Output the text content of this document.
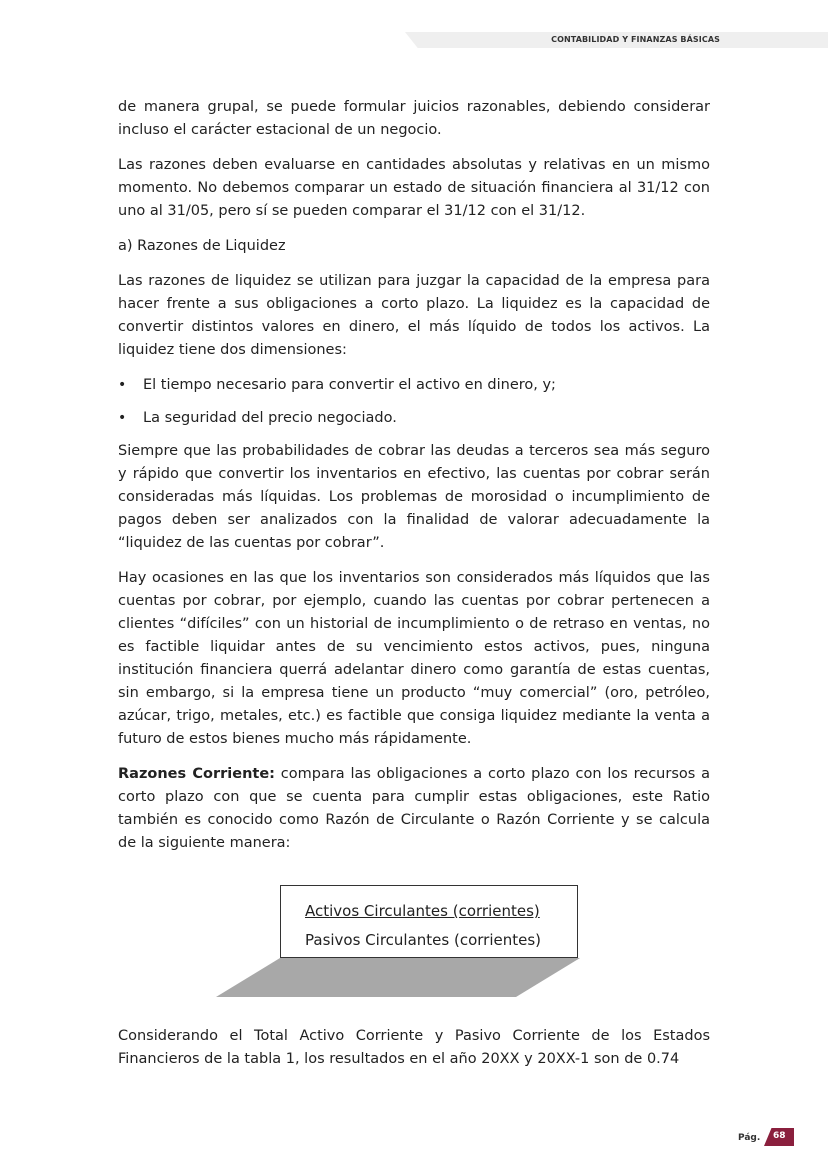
CONTABILIDAD Y FINANZAS BÁSICAS

de manera grupal, se puede formular juicios razonables, debiendo considerar incluso el carácter estacional de un negocio.

Las razones deben evaluarse en cantidades absolutas y relativas en un mismo momento. No debemos comparar un estado de situación financiera al 31/12 con uno al 31/05, pero sí se pueden comparar el 31/12 con el 31/12.

a) Razones de Liquidez

Las razones de liquidez se utilizan para juzgar la capacidad de la empresa para hacer frente a sus obligaciones a corto plazo. La liquidez es la capacidad de convertir distintos valores en dinero, el más líquido de todos los activos. La liquidez tiene dos dimensiones:

• El tiempo necesario para convertir el activo en dinero, y;
• La seguridad del precio negociado.

Siempre que las probabilidades de cobrar las deudas a terceros sea más seguro y rápido que convertir los inventarios en efectivo, las cuentas por cobrar serán consideradas más líquidas. Los problemas de morosidad o incumplimiento de pagos deben ser analizados con la finalidad de valorar adecuadamente la “liquidez de las cuentas por cobrar”.

Hay ocasiones en las que los inventarios son considerados más líquidos que las cuentas por cobrar, por ejemplo, cuando las cuentas por cobrar pertenecen a clientes “difíciles” con un historial de incumplimiento o de retraso en ventas, no es factible liquidar antes de su vencimiento estos activos, pues, ninguna institución financiera querrá adelantar dinero como garantía de estas cuentas, sin embargo, si la empresa tiene un producto “muy comercial” (oro, petróleo, azúcar, trigo, metales, etc.) es factible que consiga liquidez mediante la venta a futuro de estos bienes mucho más rápidamente.

Razones Corriente: compara las obligaciones a corto plazo con los recursos a corto plazo con que se cuenta para cumplir estas obligaciones, este Ratio también es conocido como Razón de Circulante o Razón Corriente y se calcula de la siguiente manera:

Activos Circulantes (corrientes)
Pasivos Circulantes (corrientes)

Considerando el Total Activo Corriente y Pasivo Corriente de los Estados Financieros de la tabla 1, los resultados en el año 20XX y 20XX-1 son de 0.74

Pág. 68
